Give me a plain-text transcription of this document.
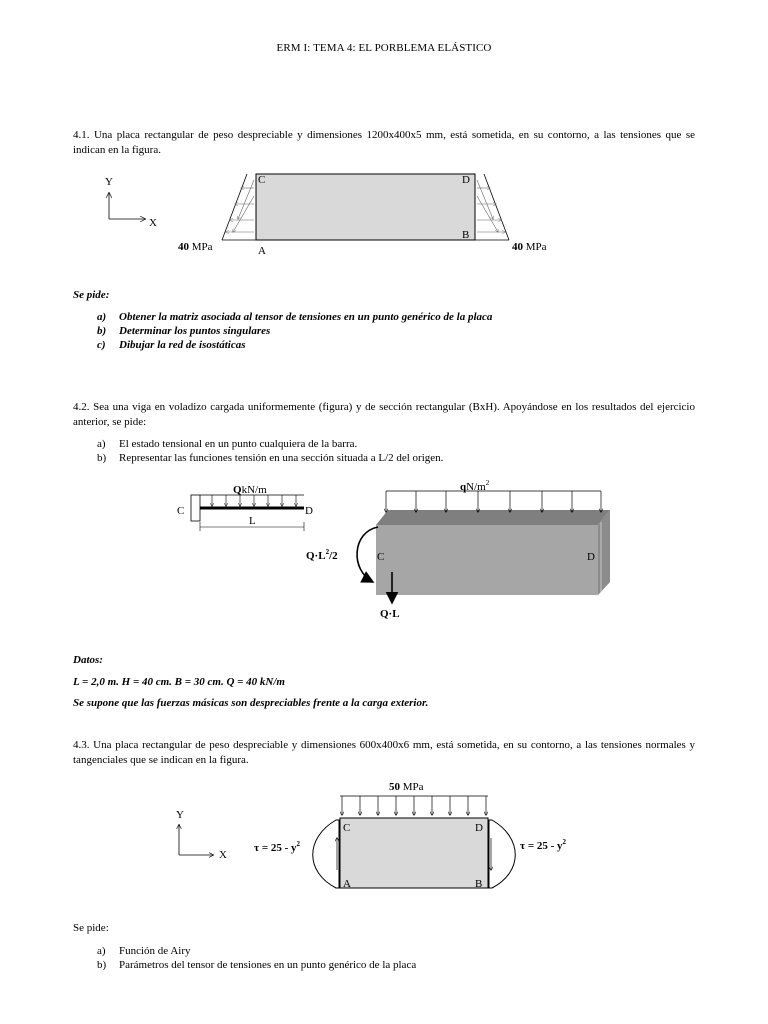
ERM I: TEMA 4: EL PORBLEMA ELÁSTICO
4.1. Una placa rectangular de peso despreciable y dimensiones 1200x400x5 mm, está sometida, en su contorno, a las tensiones que se indican en la figura.
Y
X
C	D
B
A
40 MPa	40 MPa
Se pide:
a) Obtener la matriz asociada al tensor de tensiones en un punto genérico de la placa
b) Determinar los puntos singulares
c) Dibujar la red de isostáticas
4.2. Sea una viga en voladizo cargada uniformemente (figura) y de sección rectangular (BxH). Apoyándose en los resultados del ejercicio anterior, se pide:
a) El estado tensional en un punto cualquiera de la barra.
b) Representar las funciones tensión en una sección situada a L/2 del origen.
QkN/m
C	D
L
$qN/m^2$
$Q\cdot L^2/2$
Q·L
C	D
Datos:
L = 2,0 m. H = 40 cm. B = 30 cm. Q = 40 kN/m
Se supone que las fuerzas másicas son despreciables frente a la carga exterior.
4.3. Una placa rectangular de peso despreciable y dimensiones 600x400x6 mm, está sometida, en su contorno, a las tensiones normales y tangenciales que se indican en la figura.
50 MPa
Y
X
C	D
A	B
$\tau = 25 - y^2$	$\tau = 25 - y^2$
Se pide:
a) Función de Airy
b) Parámetros del tensor de tensiones en un punto genérico de la placa
